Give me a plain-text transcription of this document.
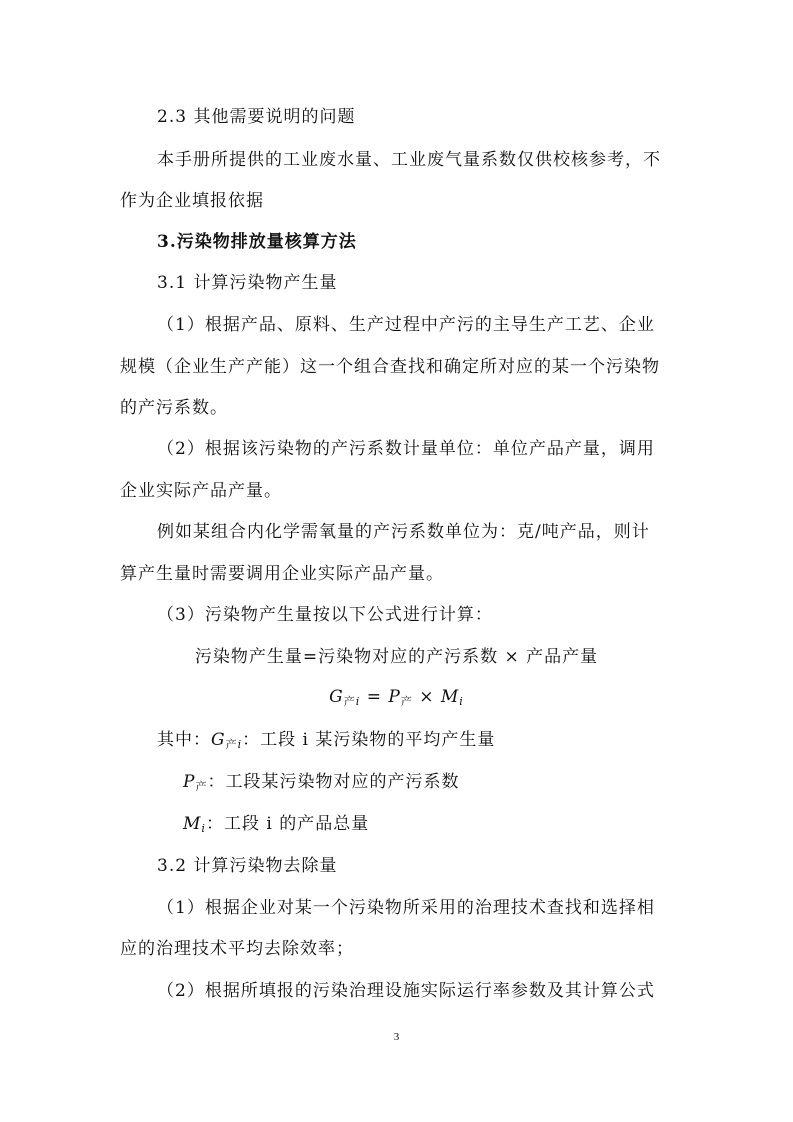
2.3 其他需要说明的问题
本手册所提供的工业废水量、工业废气量系数仅供校核参考，不
作为企业填报依据
3.污染物排放量核算方法
3.1 计算污染物产生量
（1）根据产品、原料、生产过程中产污的主导生产工艺、企业
规模（企业生产产能）这一个组合查找和确定所对应的某一个污染物
的产污系数。
（2）根据该污染物的产污系数计量单位：单位产品产量，调用
企业实际产品产量。
例如某组合内化学需氧量的产污系数单位为：克/吨产品，则计
算产生量时需要调用企业实际产品产量。
（3）污染物产生量按以下公式进行计算：
污染物产生量=污染物对应的产污系数 × 产品产量
$G_{产i} = P_产 \times M_i$
其中：$G_{产i}$：工段 i 某污染物的平均产生量
$P_产$：工段某污染物对应的产污系数
$M_i$：工段 i 的产品总量
3.2 计算污染物去除量
（1）根据企业对某一个污染物所采用的治理技术查找和选择相
应的治理技术平均去除效率；
（2）根据所填报的污染治理设施实际运行率参数及其计算公式
3
